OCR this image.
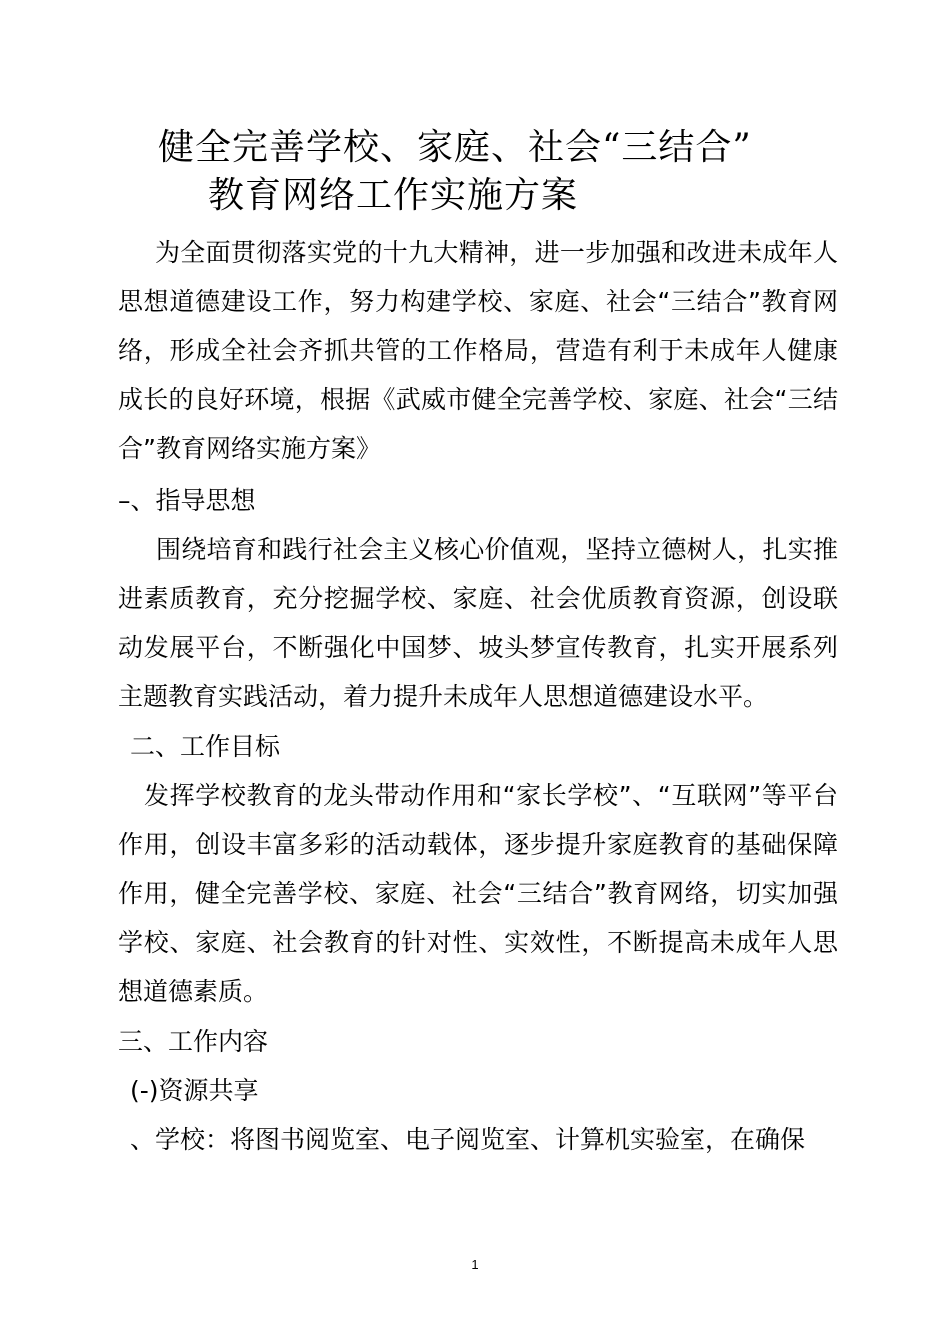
健全完善学校、家庭、社会“三结合”
教育网络工作实施方案
为全面贯彻落实党的十九大精神，进一步加强和改进未成年人思想道德建设工作，努力构建学校、家庭、社会“三结合”教育网络，形成全社会齐抓共管的工作格局，营造有利于未成年人健康成长的良好环境，根据《武威市健全完善学校、家庭、社会“三结合”教育网络实施方案》
–、指导思想
围绕培育和践行社会主义核心价值观，坚持立德树人，扎实推进素质教育，充分挖掘学校、家庭、社会优质教育资源，创设联动发展平台，不断强化中国梦、坡头梦宣传教育，扎实开展系列主题教育实践活动，着力提升未成年人思想道德建设水平。
二、工作目标
发挥学校教育的龙头带动作用和“家长学校”、“互联网”等平台作用，创设丰富多彩的活动载体，逐步提升家庭教育的基础保障作用，健全完善学校、家庭、社会“三结合”教育网络，切实加强学校、家庭、社会教育的针对性、实效性，不断提高未成年人思想道德素质。
三、工作内容
(-)资源共享
、学校：将图书阅览室、电子阅览室、计算机实验室，在确保
1
